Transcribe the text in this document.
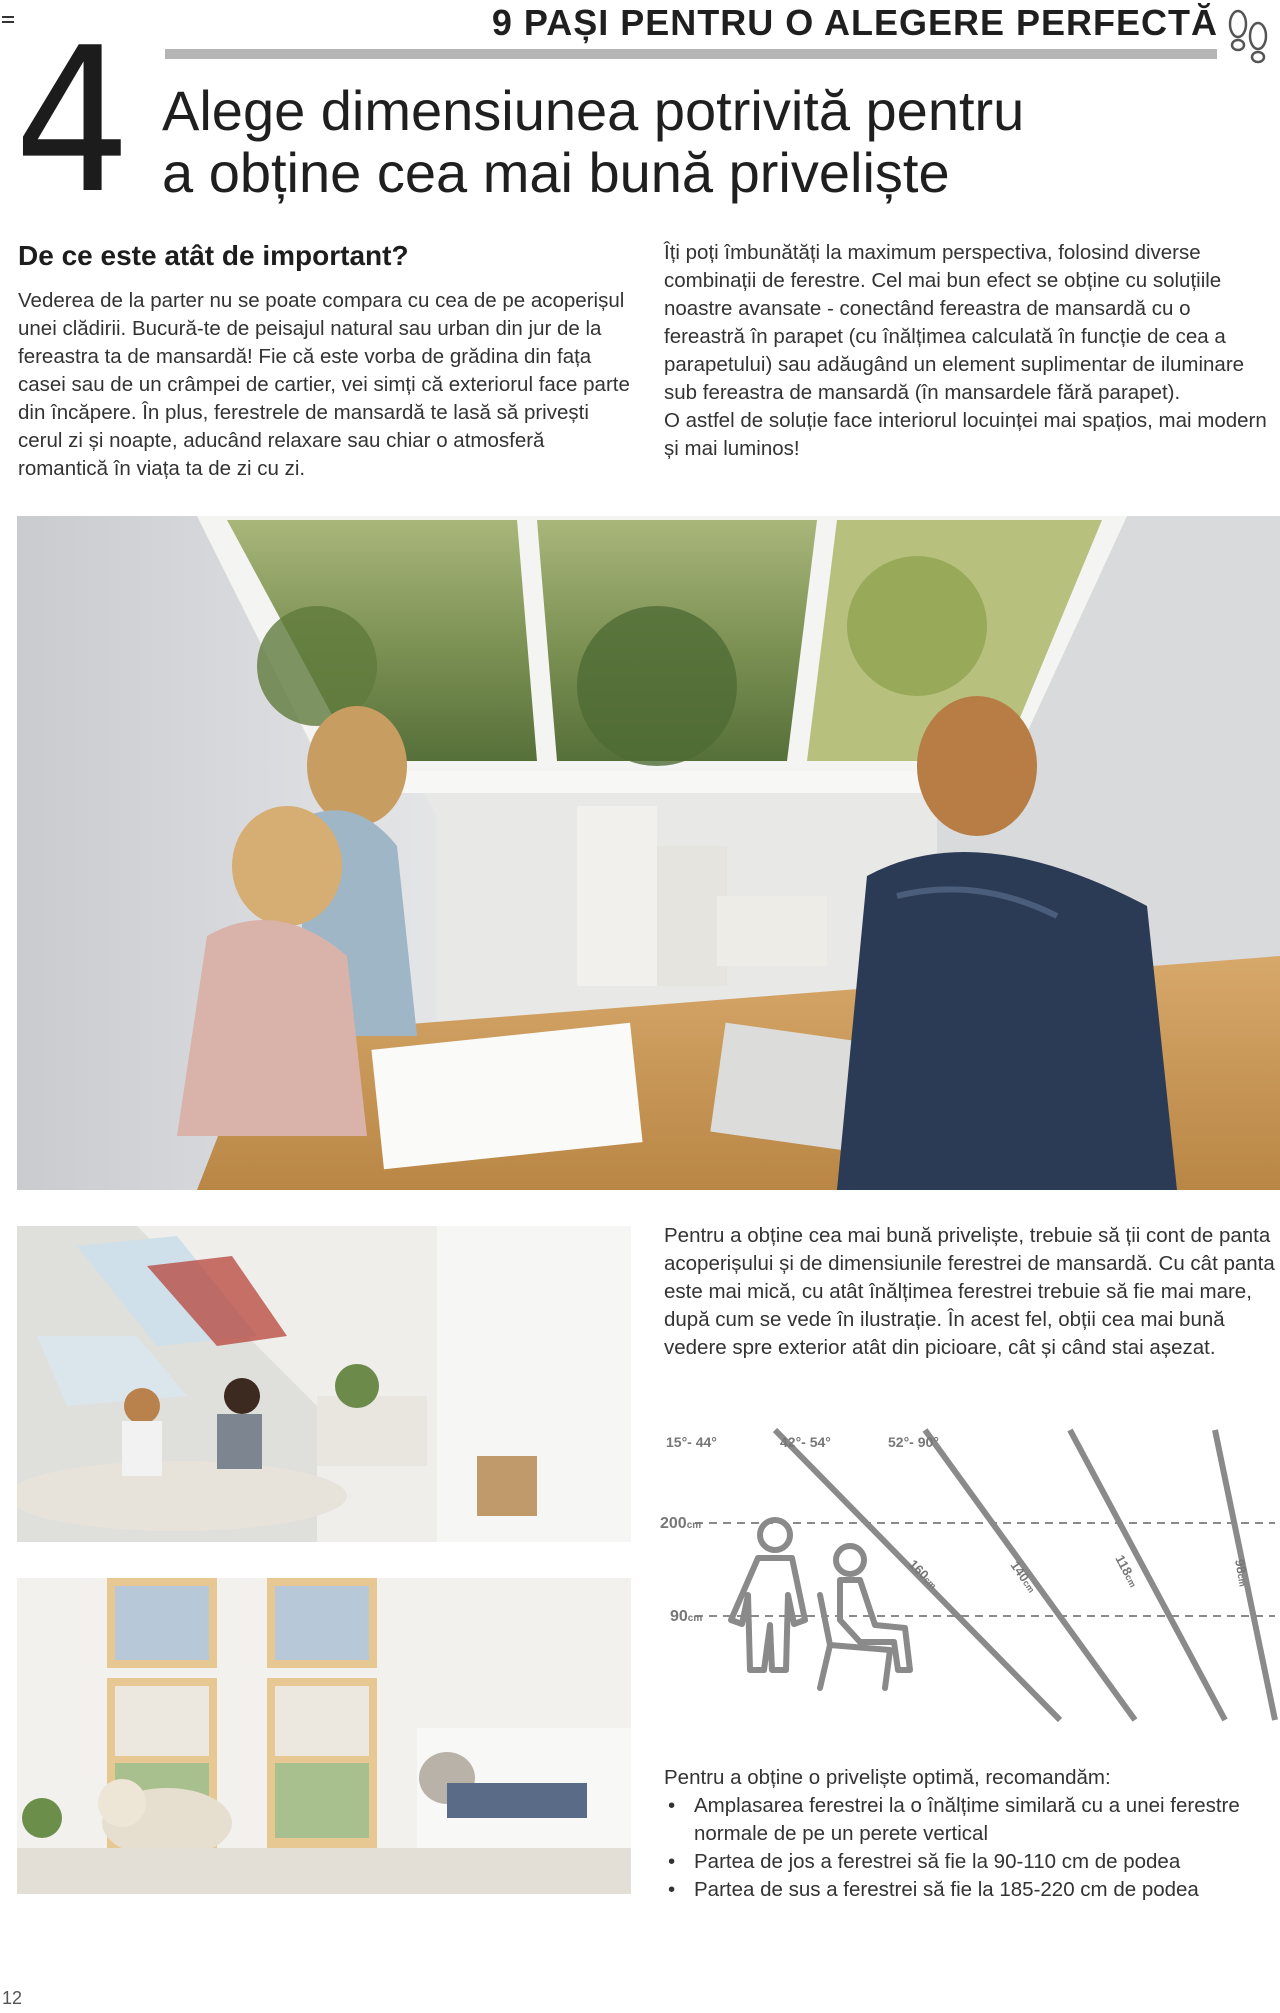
9 PAȘI PENTRU O ALEGERE PERFECTĂ
4 Alege dimensiunea potrivită pentru
a obține cea mai bună priveliște
De ce este atât de important?

Vederea de la parter nu se poate compara cu cea de pe acoperișul unei clădirii. Bucură-te de peisajul natural sau urban din jur de la fereastra ta de mansardă! Fie că este vorba de grădina din fața casei sau de un crâmpei de cartier, vei simți că exteriorul face parte din încăpere. În plus, ferestrele de mansardă te lasă să privești cerul zi și noapte, aducând relaxare sau chiar o atmosferă romantică în viața ta de zi cu zi.

Îți poți îmbunătăți la maximum perspectiva, folosind diverse combinații de ferestre. Cel mai bun efect se obține cu soluțiile noastre avansate - conectând fereastra de mansardă cu o fereastră în parapet (cu înălțimea calculată în funcție de cea a parapetului) sau adăugând un element suplimentar de iluminare sub fereastra de mansardă (în mansardele fără parapet).

O astfel de soluție face interiorul locuinței mai spațios, mai modern și mai luminos!

Pentru a obține cea mai bună priveliște, trebuie să ții cont de panta acoperișului și de dimensiunile ferestrei de mansardă. Cu cât panta este mai mică, cu atât înălțimea ferestrei trebuie să fie mai mare, după cum se vede în ilustrație. În acest fel, obții cea mai bună vedere spre exterior atât din picioare, cât și când stai așezat.

15°- 44°	42°- 54°	52°- 90°
200cm
90cm
160cm	140cm
118cm
98cm
Pentru a obține o priveliște optimă, recomandăm:
• Amplasarea ferestrei la o înălțime similară cu a unei ferestre normale de pe un perete vertical
• Partea de jos a ferestrei să fie la 90-110 cm de podea
• Partea de sus a ferestrei să fie la 185-220 cm de podea
12
